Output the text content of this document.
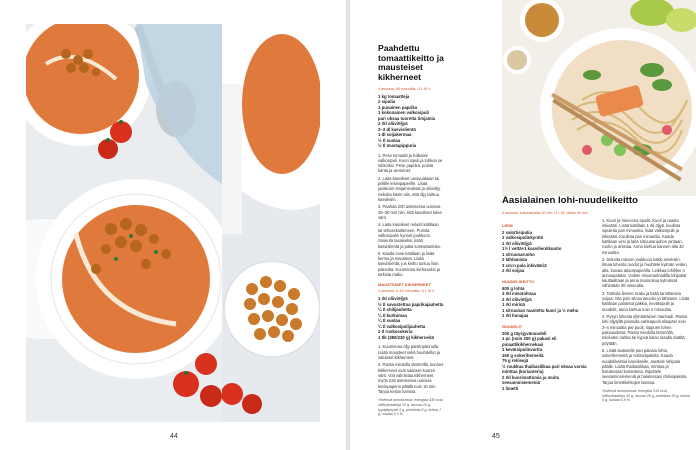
44	45
Paahdettu tomaattikeitto ja mausteiset kikherneet
4 annosta, 45 minuuttia, G L M V
1 kg tomaatteja
2 sipulia
1 punainen paprika
1 kokonainen valkosipuli
pari oksaa tuoretta timjamia
2 rkl oliiviöljyä
2–3 dl kasvislientä
1 dl soijakermaa
½ tl suolaa
½ tl mustapippuria
1. Pese tomaatit ja halkaise valkosipuli. Kuori sipuli ja lohkoa se lohkoiksi. Pese paprika, poista kanta ja siemenet.
2. Laita kasvikset uunivuokaan tai pellille leivinpaperille. Lisää joukkoon timjaminoksat ja oliiviöljy. Sekoita käsin niin, että öljy tarttuu kasviksiin.
3. Paahda 200 asteisessa uunissa 25–30 min niin, että kasvikset tulee värit.
4. Laita kasvikset reilusti kattilaan tai tehosekoittimeen. Purista valkosipulin kynnet joukkoon. Soseuta tasaiseksi, lisää kasvislientä ja jatka soseuttamista.
5. Kaada sose kattilaan ja lisää kerma ja mausteet. Lisää kasvislientä, jos keitto tuntuu liian paksulta. Kuumenna kiehuvaksi ja tarkista maku.
MAUSTEISET KIKHERNEET
4 annosta, 5–10 minuuttia, G L M V
1 rkl oliiviöljyä
½ tl savustettua paprikajauhetta
¼ tl chilijauhetta
¼ tl kurkumaa
¼ tl suolaa
¼ tl valkosipulijauhetta
2 tl ruokosokeria
1 tlk (380/230 g) kikherneitä
1. Kuumenna öljy paistinpannulla. Lisää mausteet sekä huuhdellut ja valutetut kikherneet.
2. Paista miedolla lämmöllä, kunnes kikherneet ovat saaneet kuoren värit. Voit valmistaa kikherneet myös 225 asteisessa uunissa leivinpaperin päällä noin 10 min. Tarjoa keiton kanssa.
Yhdessä annoksessa: energiaa 430 kcal, hiilihydraatteja 33 g, rasvaa 20 g, tyydyttynyttä 3 g, proteiinia 8 g, kuitua 7 g, suolaa 0,3 %.
Aasialainen lohi-nuudelikeitto
4 annosta, kokonaisaika 30 min, G L M, vähän 40 min
LIEMI
2 salottisipulia
2 valkosipulinkynttä
1 rkl oliiviöljyä
1½ l vettä+1 kasvilientikuutio
1 sitruunaruoho
2 tähtianista
3 cm:n pala inkivääriä
2 rkl soijaa
NUUDELIKEITTO
600 g lohta
3 rkl misotahnaa
2 rkl oliiviöljyä
1 rkl mirinä
1 sitruunan raastettu kuori ja ½ mehu
1 rkl hunajaa
NUUDELIT
200 g täysjyvänuudeli
1 pc (noin 200 g) pakasi eli pinaattikikhernekasi
1 kevätsipulinvartta
150 g sokeriherneitä
75 g retiisejä
½ ruukkua thaibasilikaa pari oksaa varsia minttua (korianteria)
2 rkl kuorimattomia ja muita seesaminsiemeniä
1 limetti
1. Kuori ja hienonna sipulit. Kuori ja raasta inkivääri. Lisää kattilaan 1 rkl öljyä, kuullota sipuleita pari minuuttia, lisää valkosipulit ja inkivääri. Kuullota pari minuuttia. Kaada kattilaan vesi ja laita sitruunaruohon pintaan, ruoho ja anistaa. Anna kiehua kannen alla 30 minuuttia.
2. Sekoita misoon joukkoon kakki aineksiin. Ilmaa lohesta ruodot ja huuhtele kylmän veden alla, kuivaa talouspaperilla. Leikkaa lohifilee 4 annospalaksi. Voitele misomarinadilla lohipalat kauttaaltaan ja anna marinoitua kylmässä vähintään 30 minuuttia.
3. Tarkista liemen maku ja lisää tarvittaessa soijaa. Ota pois sitruunaruoho ja tähtianis. Lisää kattilaan palotetut pakkoi, kevätsipulit ja nuudelit, anna kiehua noin 4 minuuttia.
4. Pysyn lohesta ylimääräinen marinadi. Paista lohi öljytyllä pannulla nahkapuoli alaspäin noin 3–4 minuuttia per puoli, riippuen lohen paksuudesta. Paista miedolla lämmöllä, mieluiten nahka tai kypsä kalan tasalla sisältä pöytään.
5. Lisää lautaselle pari palasia lohta, sokeriherneitä ja retiisiviipaloita. Kaada nuudelikeittoa kasvikselle, asettele lohipala päälle. Lisää thaibasilikaa, minttua ja halutessasi korianteria. Ripottele seesaminsiemeniä ja halutessasi chiliviipaleita. Tarjoa limettilohkojen kanssa.
Yhdessä annoksessa: energiaa 510 kcal, hiilihydraatteja 42 g, rasvaa 26 g, proteiinia 30 g, kuitua 6 g, suolaa 0,8 %.
